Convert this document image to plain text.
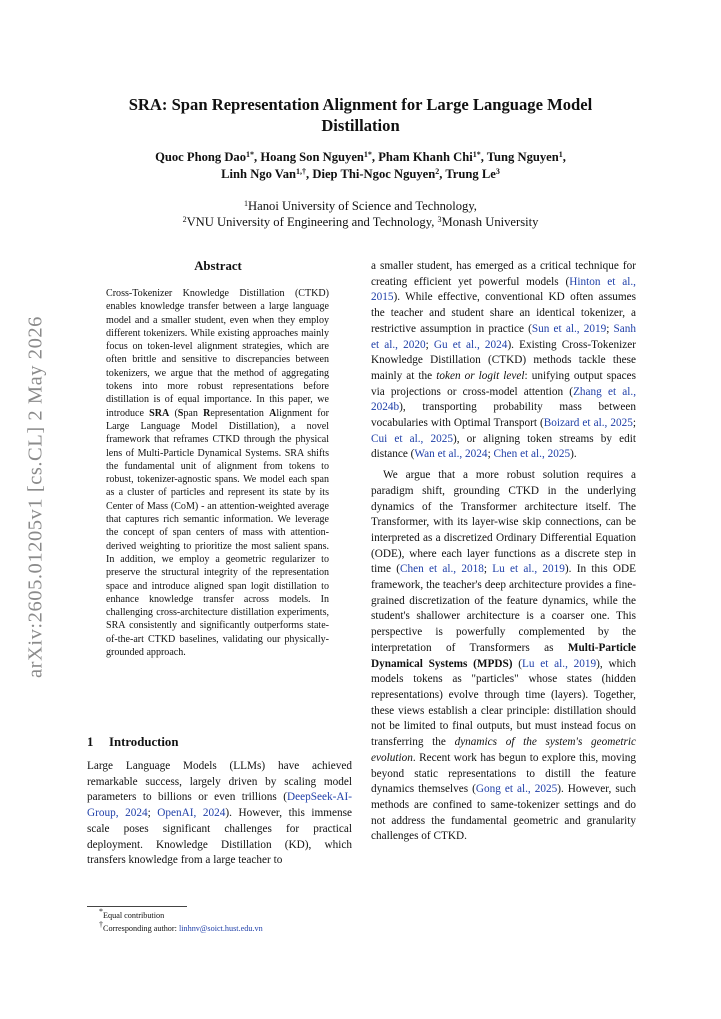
arXiv:2605.01205v1 [cs.CL] 2 May 2026
SRA: Span Representation Alignment for Large Language Model Distillation
Quoc Phong Dao$^{1*}$, Hoang Son Nguyen$^{1*}$, Pham Khanh Chi$^{1*}$, Tung Nguyen$^1$,
Linh Ngo Van$^{1,\dagger}$, Diep Thi-Ngoc Nguyen$^2$, Trung Le$^3$
$^1$Hanoi University of Science and Technology,
$^2$VNU University of Engineering and Technology, $^3$Monash University
Abstract
Cross-Tokenizer Knowledge Distillation (CTKD) enables knowledge transfer between a large language model and a smaller student, even when they employ different tokenizers. While existing approaches mainly focus on token-level alignment strategies, which are often brittle and sensitive to discrepancies between tokenizers, we argue that the method of aggregating tokens into more robust representations before distillation is of equal importance. In this paper, we introduce SRA (Span Representation Alignment for Large Language Model Distillation), a novel framework that reframes CTKD through the physical lens of Multi-Particle Dynamical Systems. SRA shifts the fundamental unit of alignment from tokens to robust, tokenizer-agnostic spans. We model each span as a cluster of particles and represent its state by its Center of Mass (CoM) - an attention-weighted average that captures rich semantic information. We leverage the concept of span centers of mass with attention-derived weighting to prioritize the most salient spans. In addition, we employ a geometric regularizer to preserve the structural integrity of the representation space and introduce aligned span logit distillation to enhance knowledge transfer across models. In challenging cross-architecture distillation experiments, SRA consistently and significantly outperforms state-of-the-art CTKD baselines, validating our physically-grounded approach.
1 Introduction
Large Language Models (LLMs) have achieved remarkable success, largely driven by scaling model parameters to billions or even trillions (DeepSeek-AI-Group, 2024; OpenAI, 2024). However, this immense scale poses significant challenges for practical deployment. Knowledge Distillation (KD), which transfers knowledge from a large teacher to
*Equal contribution
†Corresponding author: linhnv@soict.hust.edu.vn

a smaller student, has emerged as a critical technique for creating efficient yet powerful models (Hinton et al., 2015). While effective, conventional KD often assumes the teacher and student share an identical tokenizer, a restrictive assumption in practice (Sun et al., 2019; Sanh et al., 2020; Gu et al., 2024). Existing Cross-Tokenizer Knowledge Distillation (CTKD) methods tackle these mainly at the token or logit level: unifying output spaces via projections or cross-model attention (Zhang et al., 2024b), transporting probability mass between vocabularies with Optimal Transport (Boizard et al., 2025; Cui et al., 2025), or aligning token streams by edit distance (Wan et al., 2024; Chen et al., 2025).

We argue that a more robust solution requires a paradigm shift, grounding CTKD in the underlying dynamics of the Transformer architecture itself. The Transformer, with its layer-wise skip connections, can be interpreted as a discretized Ordinary Differential Equation (ODE), where each layer functions as a discrete step in time (Chen et al., 2018; Lu et al., 2019). In this ODE framework, the teacher's deep architecture provides a fine-grained discretization of the feature dynamics, while the student's shallower architecture is a coarser one. This perspective is powerfully complemented by the interpretation of Transformers as Multi-Particle Dynamical Systems (MPDS) (Lu et al., 2019), which models tokens as "particles" whose states (hidden representations) evolve through time (layers). Together, these views establish a clear principle: distillation should not be limited to final outputs, but must instead focus on transferring the dynamics of the system's geometric evolution. Recent work has begun to explore this, moving beyond static representations to distill the feature dynamics themselves (Gong et al., 2025). However, such methods are confined to same-tokenizer settings and do not address the fundamental geometric and granularity challenges of CTKD.
